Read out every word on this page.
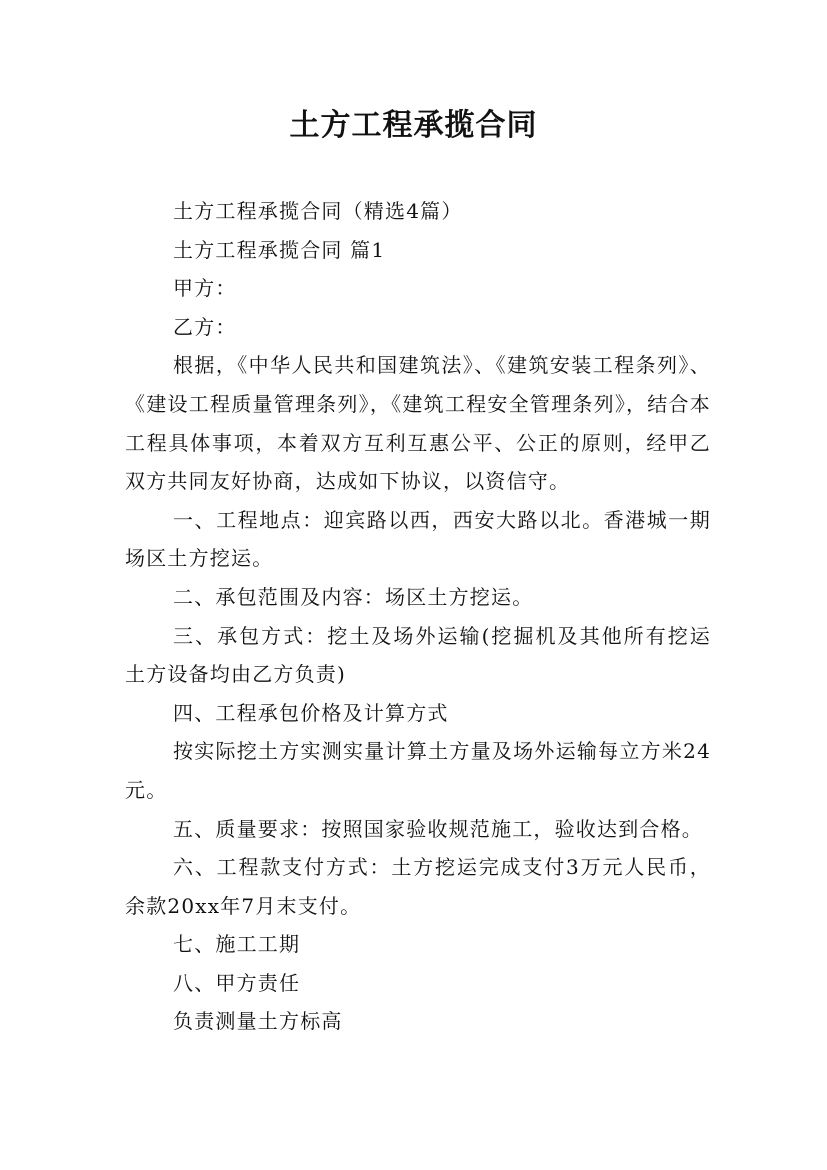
土方工程承揽合同

土方工程承揽合同（精选4篇）

土方工程承揽合同 篇1

甲方：

乙方：

根据，《中华人民共和国建筑法》、《建筑安装工程条列》、《建设工程质量管理条列》，《建筑工程安全管理条列》，结合本工程具体事项，本着双方互利互惠公平、公正的原则，经甲乙双方共同友好协商，达成如下协议，以资信守。

一、工程地点：迎宾路以西，西安大路以北。香港城一期场区土方挖运。

二、承包范围及内容：场区土方挖运。

三、承包方式：挖土及场外运输(挖掘机及其他所有挖运土方设备均由乙方负责)

四、工程承包价格及计算方式

按实际挖土方实测实量计算土方量及场外运输每立方米24元。

五、质量要求：按照国家验收规范施工，验收达到合格。

六、工程款支付方式：土方挖运完成支付3万元人民币，余款20xx年7月末支付。

七、施工工期

八、甲方责任

负责测量土方标高
